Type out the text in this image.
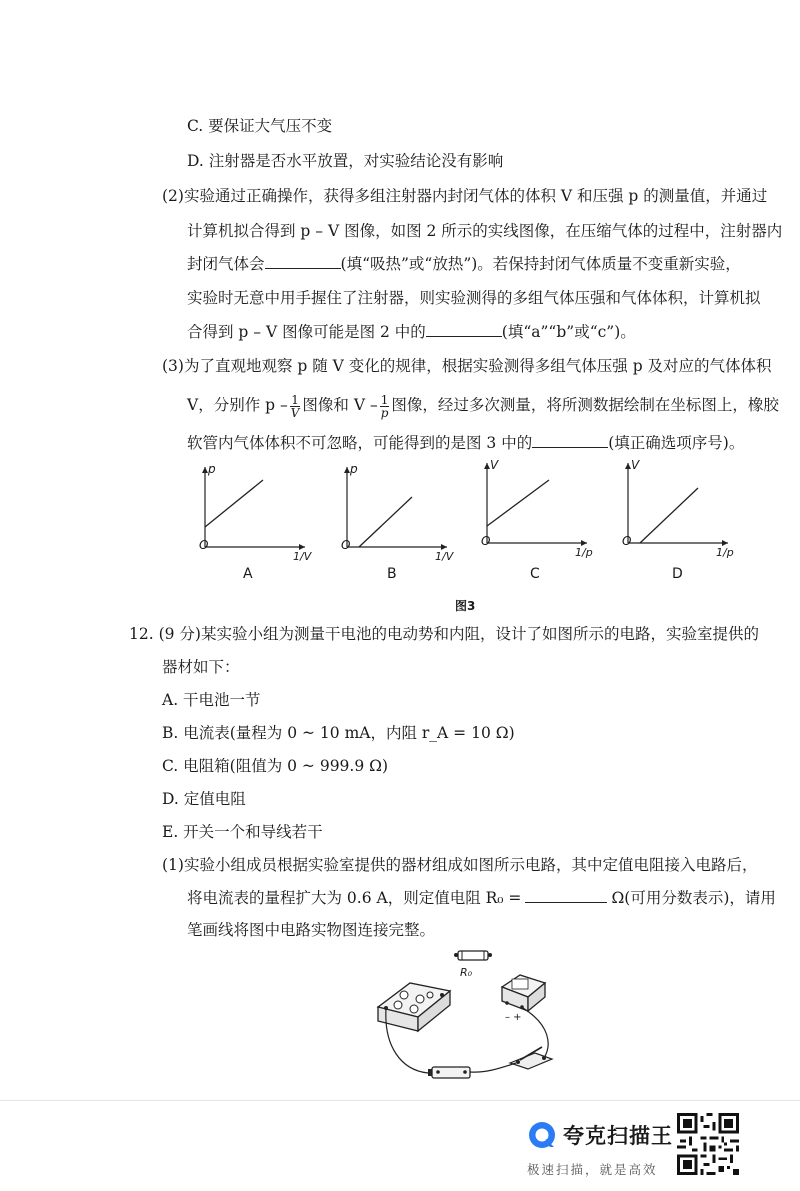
C. 要保证大气压不变
D. 注射器是否水平放置，对实验结论没有影响
(2)实验通过正确操作，获得多组注射器内封闭气体的体积 V 和压强 p 的测量值，并通过
计算机拟合得到 p – V 图像，如图 2 所示的实线图像，在压缩气体的过程中，注射器内
封闭气体会	(填“吸热”或“放热”)。若保持封闭气体质量不变重新实验，
实验时无意中用手握住了注射器，则实验测得的多组气体压强和气体体积，计算机拟
合得到 p – V 图像可能是图 2 中的	(填“a”“b”或“c”)。
(3)为了直观地观察 p 随 V 变化的规律，根据实验测得多组气体压强 p 及对应的气体体积
V，分别作 p – $\frac{1}{V}$ 图像和 V – $\frac{1}{p}$ 图像，经过多次测量，将所测数据绘制在坐标图上，橡胶
软管内气体体积不可忽略，可能得到的是图 3 中的	(填正确选项序号)。
O
p
1/V
A
O
p
1/V
B
O
V
1/p
C
O
V
1/p
D
图3
12. (9 分)某实验小组为测量干电池的电动势和内阻，设计了如图所示的电路，实验室提供的
器材如下：
A. 干电池一节
B. 电流表(量程为 0 ~ 10 mA，内阻 r_A = 10 Ω)
C. 电阻箱(阻值为 0 ~ 999.9 Ω)
D. 定值电阻
E. 开关一个和导线若干
(1)实验小组成员根据实验室提供的器材组成如图所示电路，其中定值电阻接入电路后，
将电流表的量程扩大为 0.6 A，则定值电阻 R₀ =	Ω(可用分数表示)，请用
笔画线将图中电路实物图连接完整。
R₀
– +
夸克扫描王
极速扫描，就是高效
